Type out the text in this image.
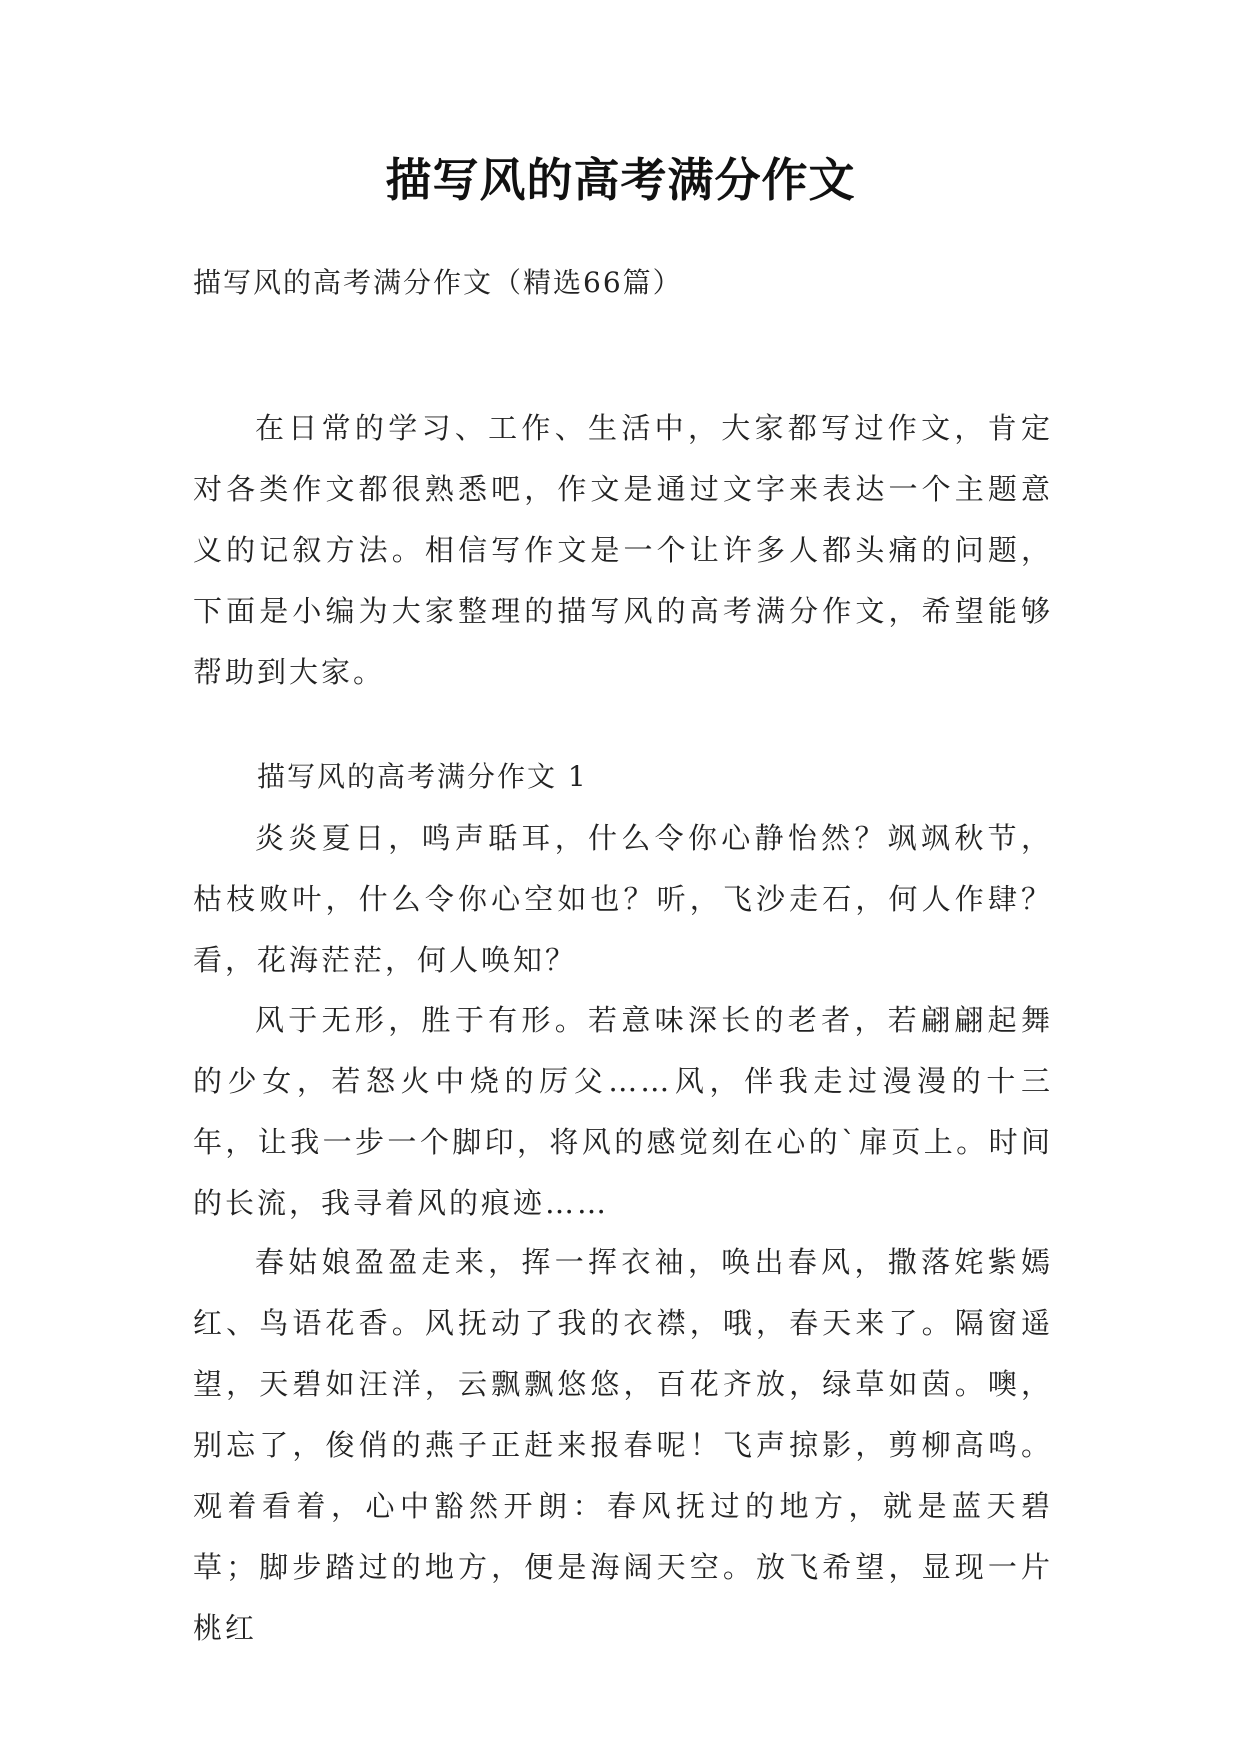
描写风的高考满分作文
描写风的高考满分作文（精选66篇）
在日常的学习、工作、生活中，大家都写过作文，肯定对各类作文都很熟悉吧，作文是通过文字来表达一个主题意义的记叙方法。相信写作文是一个让许多人都头痛的问题，下面是小编为大家整理的描写风的高考满分作文，希望能够帮助到大家。
描写风的高考满分作文 1
炎炎夏日，鸣声聒耳，什么令你心静怡然？飒飒秋节，枯枝败叶，什么令你心空如也？听，飞沙走石，何人作肆？看，花海茫茫，何人唤知？
风于无形，胜于有形。若意味深长的老者，若翩翩起舞的少女，若怒火中烧的厉父……风，伴我走过漫漫的十三年，让我一步一个脚印，将风的感觉刻在心的`扉页上。时间的长流，我寻着风的痕迹……
春姑娘盈盈走来，挥一挥衣袖，唤出春风，撒落姹紫嫣红、鸟语花香。风抚动了我的衣襟，哦，春天来了。隔窗遥望，天碧如汪洋，云飘飘悠悠，百花齐放，绿草如茵。噢，别忘了，俊俏的燕子正赶来报春呢！飞声掠影，剪柳高鸣。观着看着，心中豁然开朗：春风抚过的地方，就是蓝天碧草；脚步踏过的地方，便是海阔天空。放飞希望，显现一片桃红
